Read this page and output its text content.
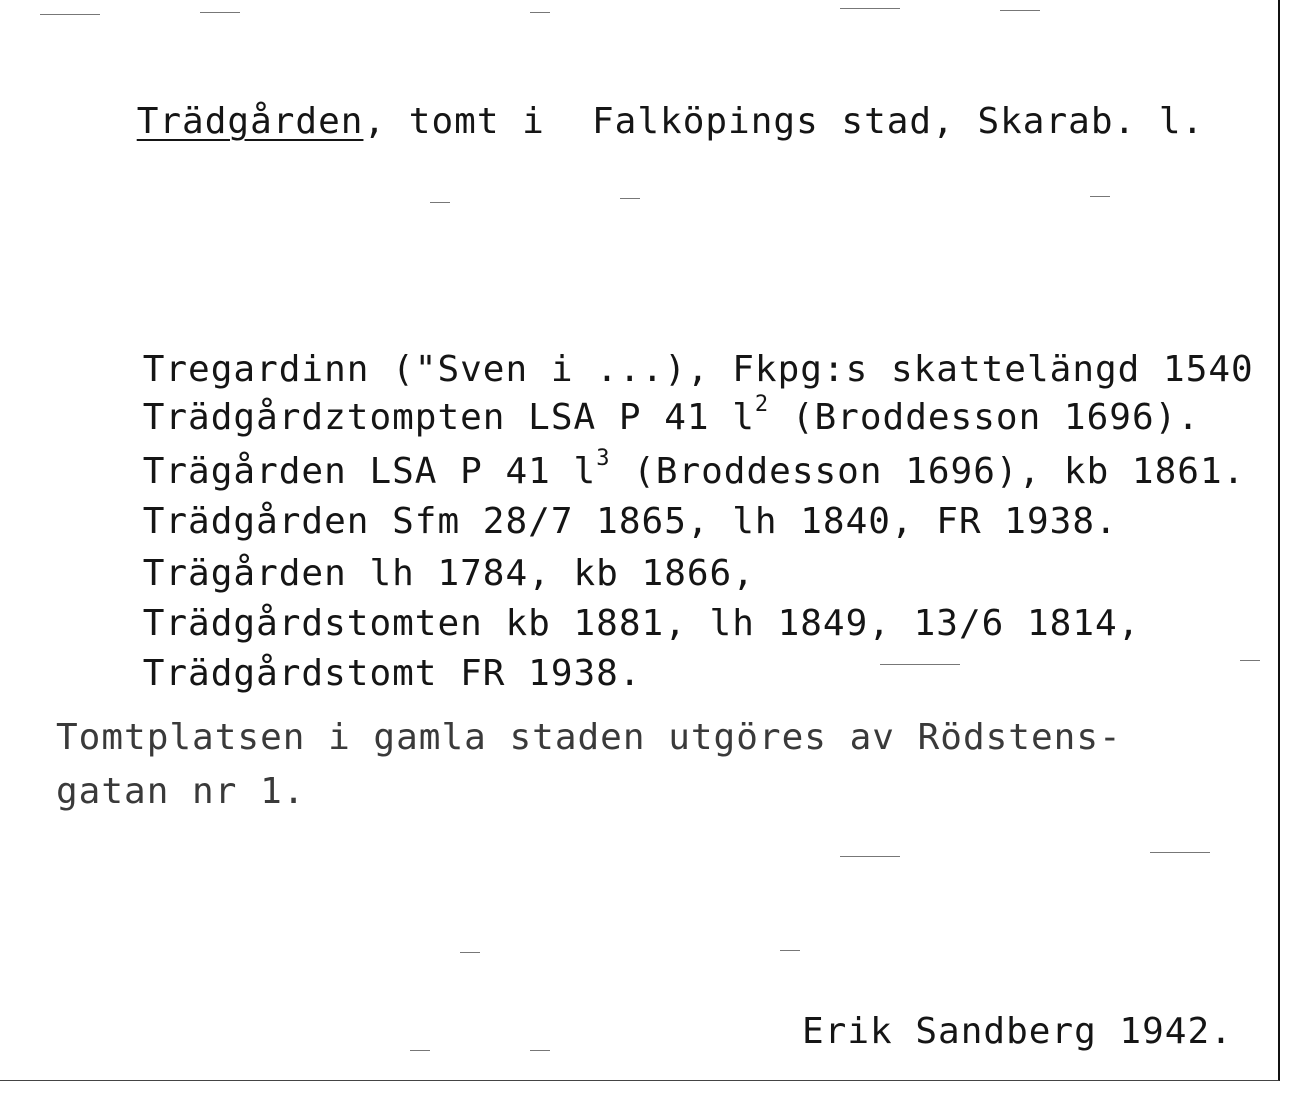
Trädgården, tomt i
Falköpings stad, Skarab. l.

Tregardinn ("Sven i ...), Fkpg:s skattelängd 1540

Trädgårdztompten LSA P 41 $l^2$ (Broddesson 1696).

Trägården LSA P 41 $l^3$ (Broddesson 1696), kb 1861.

Trädgården Sfm 28/7 1865, lh 1840, FR 1938.

Trägården lh 1784, kb 1866,

Trädgårdstomten kb 1881, lh 1849, 13/6 1814,

Trädgårdstomt FR 1938.

Tomtplatsen i gamla staden utgöres av Rödstens-
gatan nr 1.
Erik Sandberg 1942.
